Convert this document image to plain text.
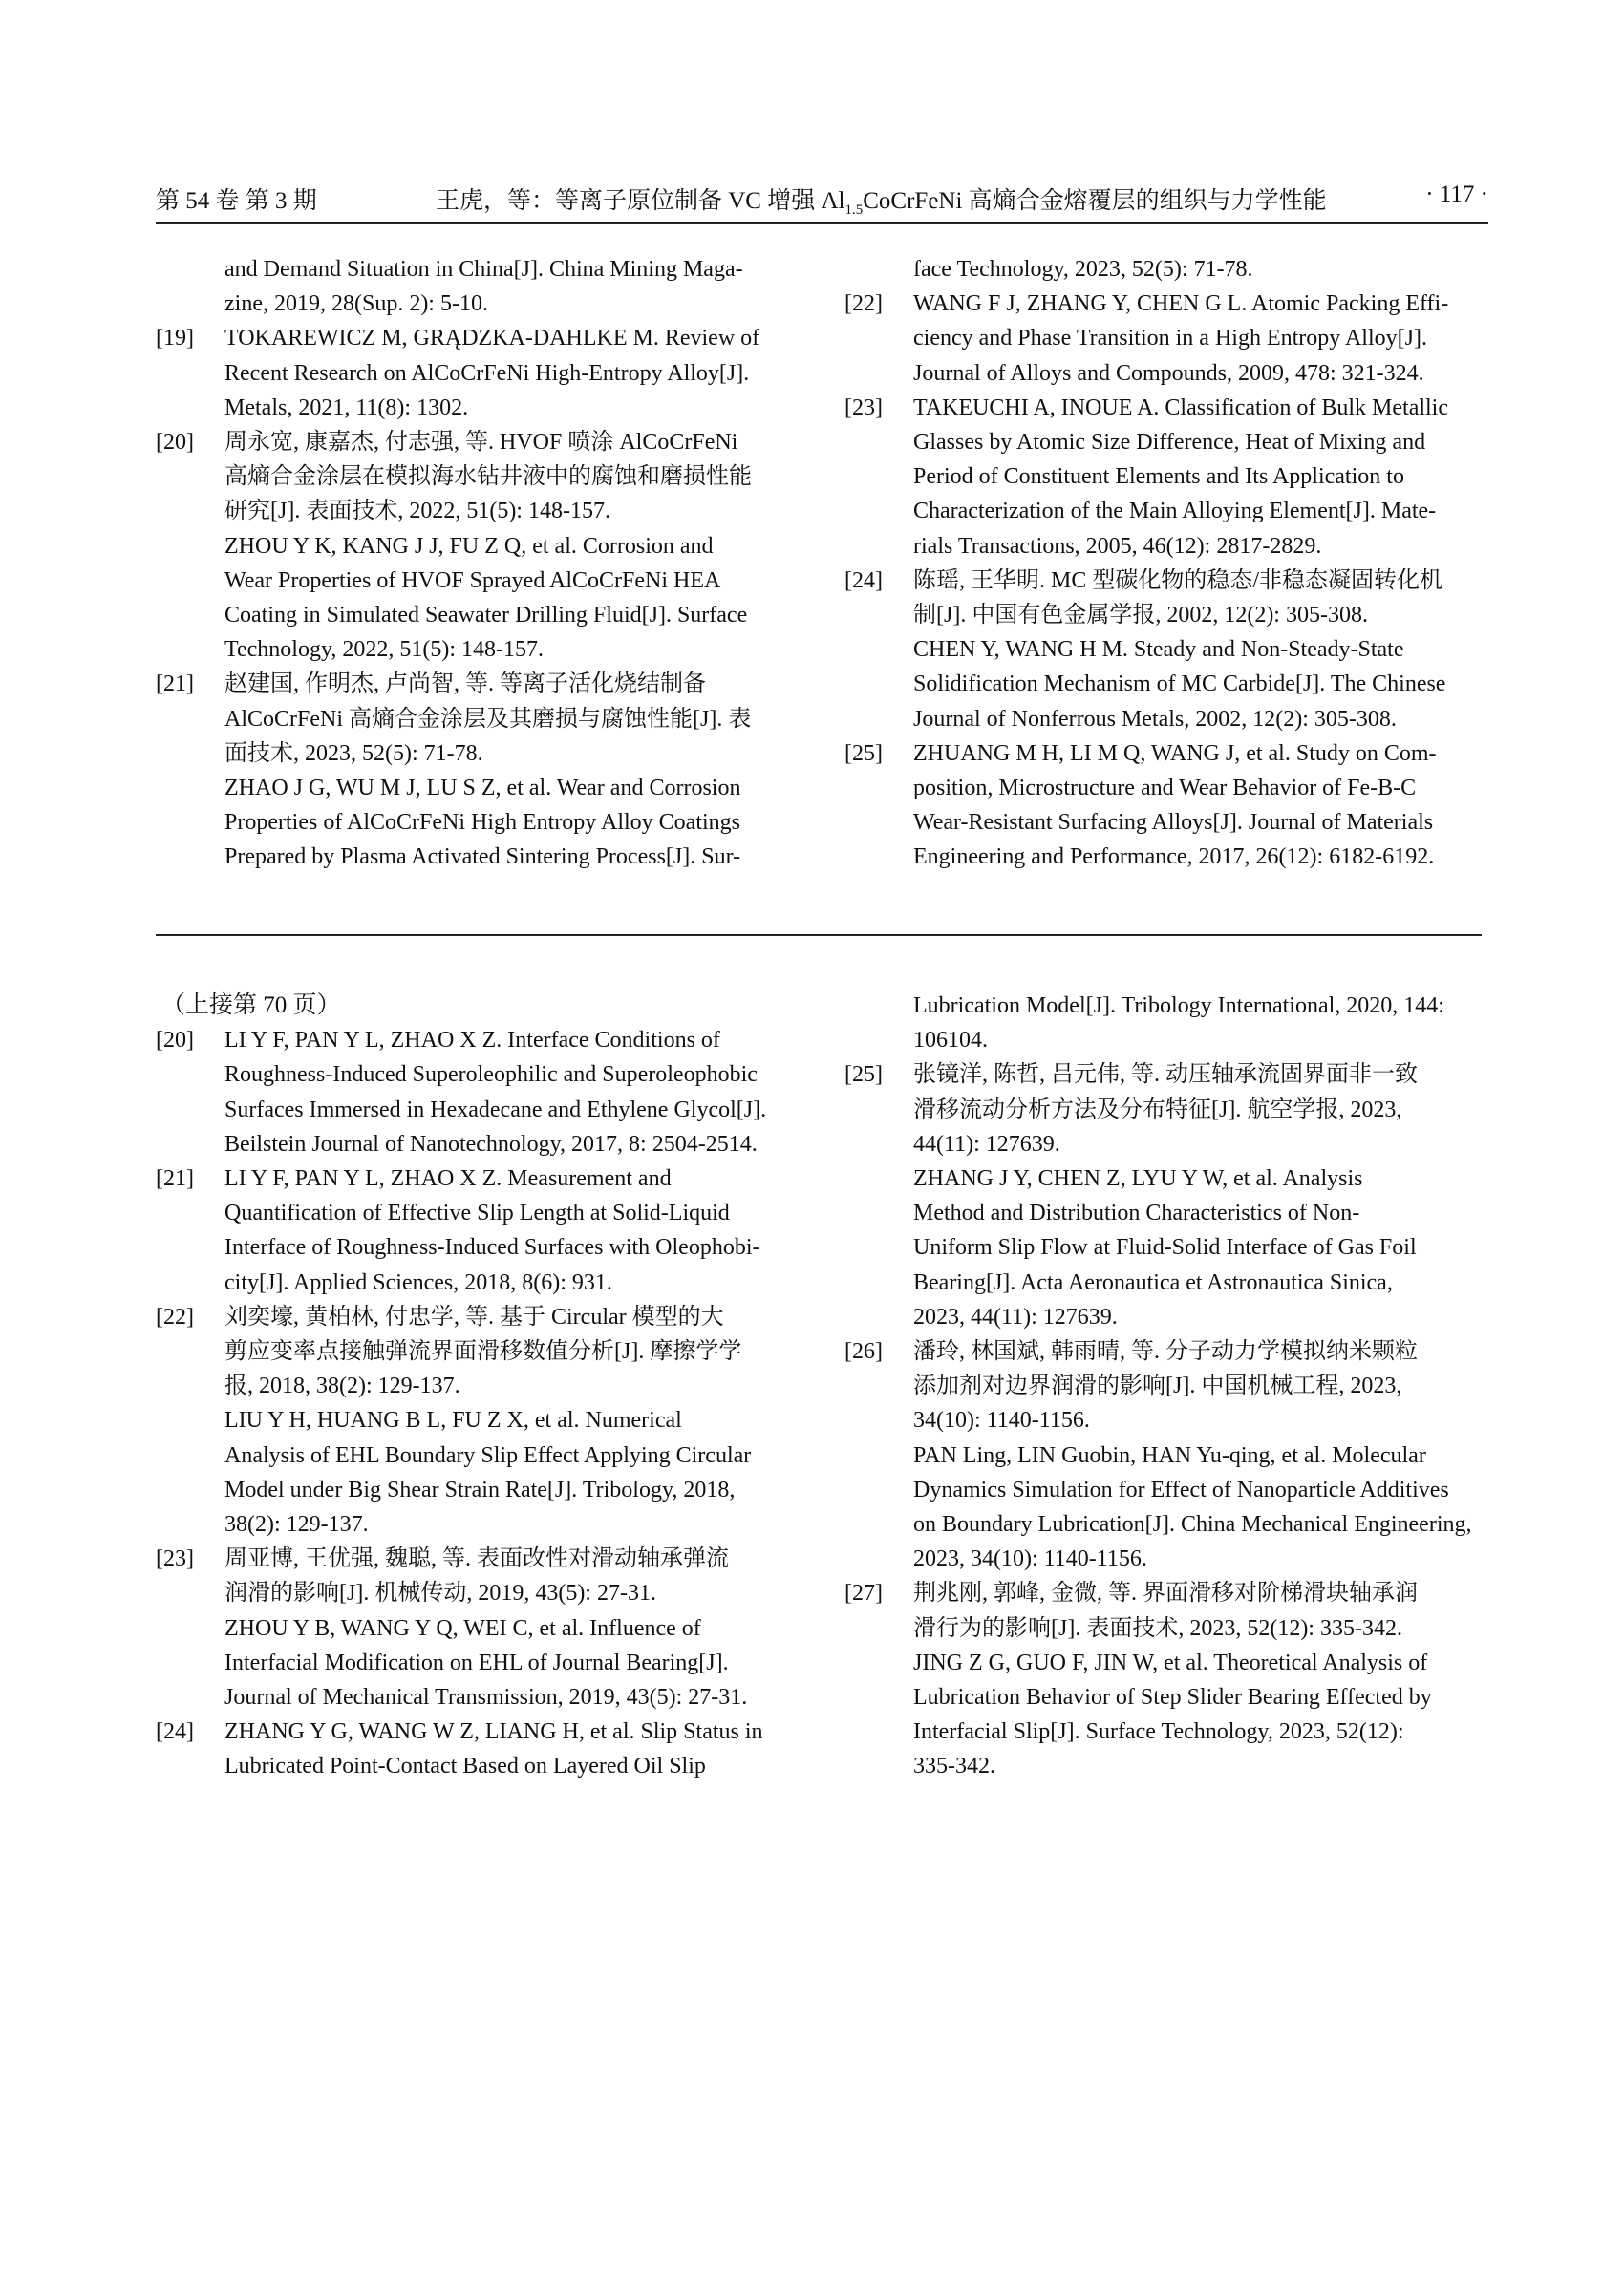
第 54 卷 第 3 期	王虎，等：等离子原位制备 VC 增强 $Al_{1.5}CoCrFeNi$ 高熵合金熔覆层的组织与力学性能	· 117 ·
and Demand Situation in China[J]. China Mining Maga-
zine, 2019, 28(Sup. 2): 5-10.
[19] TOKAREWICZ M, GRĄDZKA-DAHLKE M. Review of
Recent Research on AlCoCrFeNi High-Entropy Alloy[J].
Metals, 2021, 11(8): 1302.
[20] 周永宽, 康嘉杰, 付志强, 等. HVOF 喷涂 AlCoCrFeNi
高熵合金涂层在模拟海水钻井液中的腐蚀和磨损性能
研究[J]. 表面技术, 2022, 51(5): 148-157.
ZHOU Y K, KANG J J, FU Z Q, et al. Corrosion and
Wear Properties of HVOF Sprayed AlCoCrFeNi HEA
Coating in Simulated Seawater Drilling Fluid[J]. Surface
Technology, 2022, 51(5): 148-157.
[21] 赵建国, 作明杰, 卢尚智, 等. 等离子活化烧结制备
AlCoCrFeNi 高熵合金涂层及其磨损与腐蚀性能[J]. 表
面技术, 2023, 52(5): 71-78.
ZHAO J G, WU M J, LU S Z, et al. Wear and Corrosion
Properties of AlCoCrFeNi High Entropy Alloy Coatings
Prepared by Plasma Activated Sintering Process[J]. Sur-
face Technology, 2023, 52(5): 71-78.
[22] WANG F J, ZHANG Y, CHEN G L. Atomic Packing Effi-
ciency and Phase Transition in a High Entropy Alloy[J].
Journal of Alloys and Compounds, 2009, 478: 321-324.
[23] TAKEUCHI A, INOUE A. Classification of Bulk Metallic
Glasses by Atomic Size Difference, Heat of Mixing and
Period of Constituent Elements and Its Application to
Characterization of the Main Alloying Element[J]. Mate-
rials Transactions, 2005, 46(12): 2817-2829.
[24] 陈瑶, 王华明. MC 型碳化物的稳态/非稳态凝固转化机
制[J]. 中国有色金属学报, 2002, 12(2): 305-308.
CHEN Y, WANG H M. Steady and Non-Steady-State
Solidification Mechanism of MC Carbide[J]. The Chinese
Journal of Nonferrous Metals, 2002, 12(2): 305-308.
[25] ZHUANG M H, LI M Q, WANG J, et al. Study on Com-
position, Microstructure and Wear Behavior of Fe-B-C
Wear-Resistant Surfacing Alloys[J]. Journal of Materials
Engineering and Performance, 2017, 26(12): 6182-6192.
（上接第 70 页）
[20] LI Y F, PAN Y L, ZHAO X Z. Interface Conditions of
Roughness-Induced Superoleophilic and Superoleophobic
Surfaces Immersed in Hexadecane and Ethylene Glycol[J].
Beilstein Journal of Nanotechnology, 2017, 8: 2504-2514.
[21] LI Y F, PAN Y L, ZHAO X Z. Measurement and
Quantification of Effective Slip Length at Solid-Liquid
Interface of Roughness-Induced Surfaces with Oleophobi-
city[J]. Applied Sciences, 2018, 8(6): 931.
[22] 刘奕壕, 黄柏林, 付忠学, 等. 基于 Circular 模型的大
剪应变率点接触弹流界面滑移数值分析[J]. 摩擦学学
报, 2018, 38(2): 129-137.
LIU Y H, HUANG B L, FU Z X, et al. Numerical
Analysis of EHL Boundary Slip Effect Applying Circular
Model under Big Shear Strain Rate[J]. Tribology, 2018,
38(2): 129-137.
[23] 周亚博, 王优强, 魏聪, 等. 表面改性对滑动轴承弹流
润滑的影响[J]. 机械传动, 2019, 43(5): 27-31.
ZHOU Y B, WANG Y Q, WEI C, et al. Influence of
Interfacial Modification on EHL of Journal Bearing[J].
Journal of Mechanical Transmission, 2019, 43(5): 27-31.
[24] ZHANG Y G, WANG W Z, LIANG H, et al. Slip Status in
Lubricated Point-Contact Based on Layered Oil Slip
Lubrication Model[J]. Tribology International, 2020, 144:
106104.
[25] 张镜洋, 陈哲, 吕元伟, 等. 动压轴承流固界面非一致
滑移流动分析方法及分布特征[J]. 航空学报, 2023,
44(11): 127639.
ZHANG J Y, CHEN Z, LYU Y W, et al. Analysis
Method and Distribution Characteristics of Non-
Uniform Slip Flow at Fluid-Solid Interface of Gas Foil
Bearing[J]. Acta Aeronautica et Astronautica Sinica,
2023, 44(11): 127639.
[26] 潘玲, 林国斌, 韩雨晴, 等. 分子动力学模拟纳米颗粒
添加剂对边界润滑的影响[J]. 中国机械工程, 2023,
34(10): 1140-1156.
PAN Ling, LIN Guobin, HAN Yu-qing, et al. Molecular
Dynamics Simulation for Effect of Nanoparticle Additives
on Boundary Lubrication[J]. China Mechanical Engineering,
2023, 34(10): 1140-1156.
[27] 荆兆刚, 郭峰, 金微, 等. 界面滑移对阶梯滑块轴承润
滑行为的影响[J]. 表面技术, 2023, 52(12): 335-342.
JING Z G, GUO F, JIN W, et al. Theoretical Analysis of
Lubrication Behavior of Step Slider Bearing Effected by
Interfacial Slip[J]. Surface Technology, 2023, 52(12):
335-342.
